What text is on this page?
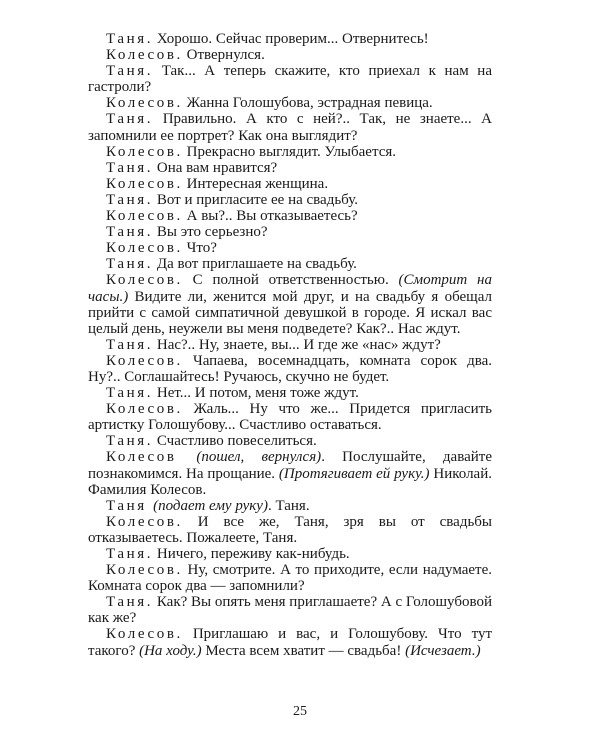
Таня. Хорошо. Сейчас проверим... Отвернитесь!

Колесов. Отвернулся.

Таня. Так... А теперь скажите, кто приехал к нам на гастроли?

Колесов. Жанна Голошубова, эстрадная певица.

Таня. Правильно. А кто с ней?.. Так, не знаете... А запомнили ее портрет? Как она выглядит?

Колесов. Прекрасно выглядит. Улыбается.

Таня. Она вам нравится?

Колесов. Интересная женщина.

Таня. Вот и пригласите ее на свадьбу.

Колесов. А вы?.. Вы отказываетесь?

Таня. Вы это серьезно?

Колесов. Что?

Таня. Да вот приглашаете на свадьбу.

Колесов. С полной ответственностью. (Смотрит на часы.) Видите ли, женится мой друг, и на свадьбу я обещал прийти с самой симпатичной девушкой в городе. Я искал вас целый день, неужели вы меня подведете? Как?.. Нас ждут.

Таня. Нас?.. Ну, знаете, вы... И где же «нас» ждут?

Колесов. Чапаева, восемнадцать, комната сорок два. Ну?.. Соглашайтесь! Ручаюсь, скучно не будет.

Таня. Нет... И потом, меня тоже ждут.

Колесов. Жаль... Ну что же... Придется пригласить артистку Голошубову... Счастливо оставаться.

Таня. Счастливо повеселиться.

Колесов (пошел, вернулся). Послушайте, давайте познакомимся. На прощание. (Протягивает ей руку.) Николай. Фамилия Колесов.

Таня (подает ему руку). Таня.

Колесов. И все же, Таня, зря вы от свадьбы отказываетесь. Пожалеете, Таня.

Таня. Ничего, переживу как-нибудь.

Колесов. Ну, смотрите. А то приходите, если надумаете. Комната сорок два — запомнили?

Таня. Как? Вы опять меня приглашаете? А с Голошубовой как же?

Колесов. Приглашаю и вас, и Голошубову. Что тут такого? (На ходу.) Места всем хватит — свадьба! (Исчезает.)

25
